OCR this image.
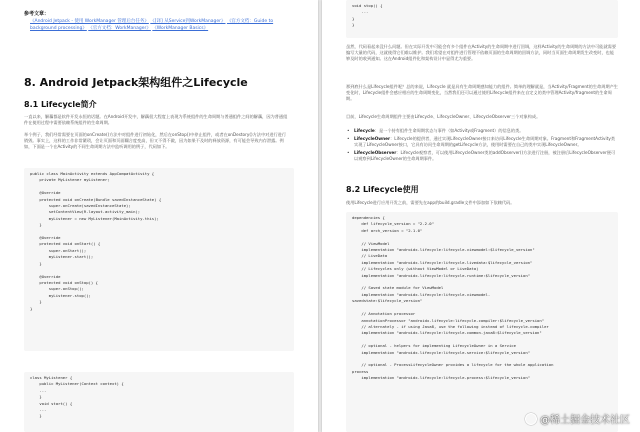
参考文章：
《Android Jetpack - 使用 WorkManager 管理后台任务》 《[译] 从Service到WorkManager》 《官方文档：Guide to background processing》 《官方文档：WorkManager》 《WorkManager Basics》
8. Android Jetpack架构组件之Lifecycle
8.1 Lifecycle简介
一直以来，解藕都是软件开发永恒的话题。在Android开发中，解藕很大程度上表现为系统组件的生命周期与普通组件之间的解藕，因为普通组件在使用过程中需要依赖系统组件的生命周期。
举个例子，我们经常需要在页面的onCreate()方法中对组件进行初始化，然后在onStop()中停止组件，或者在onDestory()方法中对进行进行销毁。事实上，这样的工作非常繁琐，会让页面和页面耦合度变高，但又不得不做，因为如果不及时的释放资源，有可能会导致内存泄露。例如，下面是一个在Activity的不同生命周期方法中监听调用的例子，代码如下。
public class MainActivity extends AppCompatActivity {
private MyListener myListener;

@Override
protected void onCreate(Bundle savedInstanceState) {
super.onCreate(savedInstanceState);
setContentView(R.layout.activity_main);
myListener = new MyListener(MainActivity.this);
}

@Override
protected void onStart() {
super.onStart();
myListener.start();
}

@Override
protected void onStop() {
super.onStop();
myListener.stop();
}
}
class MyListener {
public MyListener(Context context) {
...
}
void start() {
...
}
void stop() {
...
}
}
虽然，代码看起来没什么问题。但在实际开发中可能会有多个组件在Activity的生命周期中进行回调，这样Activity的生命周期的方法中可能就需要编写大量的代码，这就使得它们难以维护。我们希望在对组件进行管理不依赖页面的生命周期的回调方法，同时当页面生命周期发生改变时，也能够及时的收到通知。这在Android组件化和架构设计中显得尤为重要。
那到底什么是Lifecycle组件呢？总的来说，Lifecycle 就是具有生命周期感知能力的组件。简单的理解就是，当Activity/Fragment的生命周期产生变化时，Lifecycle组件会感应相应的生命周期变化，当然我们还可以通过使用Lifecycle组件来在自定义的类中管理Activity/fragment的生命周期。
目前，Lifecycle生命周期组件主要由Lifecycle、LifecycleOwner、LifecycleObserver三个对象构成。
• Lifecycle：是一个持有组件生命周期状态与事件（如Activity或Fragment）的信息的类。
• LifecycleOwner：Lifecycle的提供者，通过实现LifecycleOwner接口来访问Lifecycle生命周期对象。Fragment和FragmentActivity类实现了LifecycleOwner接口，它具有访问生命周期的getLifecycle方法，使用时需要在自己的类中实现LifecycleOwner。
• LifecycleObserver：Lifecycle观察者，可以使用LifecycleOwner类的addObserver()方法进行注册，被注册后LifecycleObserver便可以观察到LifecycleOwner的生命周期事件。
8.2 Lifecycle使用
使用Lifecycle进行应用开发之前，需要先在app的build.gradle文件中添加如下依赖代码。
dependencies {
def lifecycle_version = "2.2.0"
def arch_version = "2.1.0"

// ViewModel
implementation "androidx.lifecycle:lifecycle-viewmodel:$lifecycle_version"
// LiveData
implementation "androidx.lifecycle:lifecycle-livedata:$lifecycle_version"
// Lifecycles only (without ViewModel or LiveData)
implementation "androidx.lifecycle:lifecycle-runtime:$lifecycle_version"

// Saved state module for ViewModel
implementation "androidx.lifecycle:lifecycle-viewmodel-
savedstate:$lifecycle_version"

// Annotation processor
annotationProcessor "androidx.lifecycle:lifecycle-compiler:$lifecycle_version"
// alternately - if using Java8, use the following instead of lifecycle-compiler
implementation "androidx.lifecycle:lifecycle-common-java8:$lifecycle_version"

// optional - helpers for implementing LifecycleOwner in a Service
implementation "androidx.lifecycle:lifecycle-service:$lifecycle_version"

// optional - ProcessLifecycleOwner provides a lifecycle for the whole application
process
implementation "androidx.lifecycle:lifecycle-process:$lifecycle_version"
@稀土掘金技术社区
